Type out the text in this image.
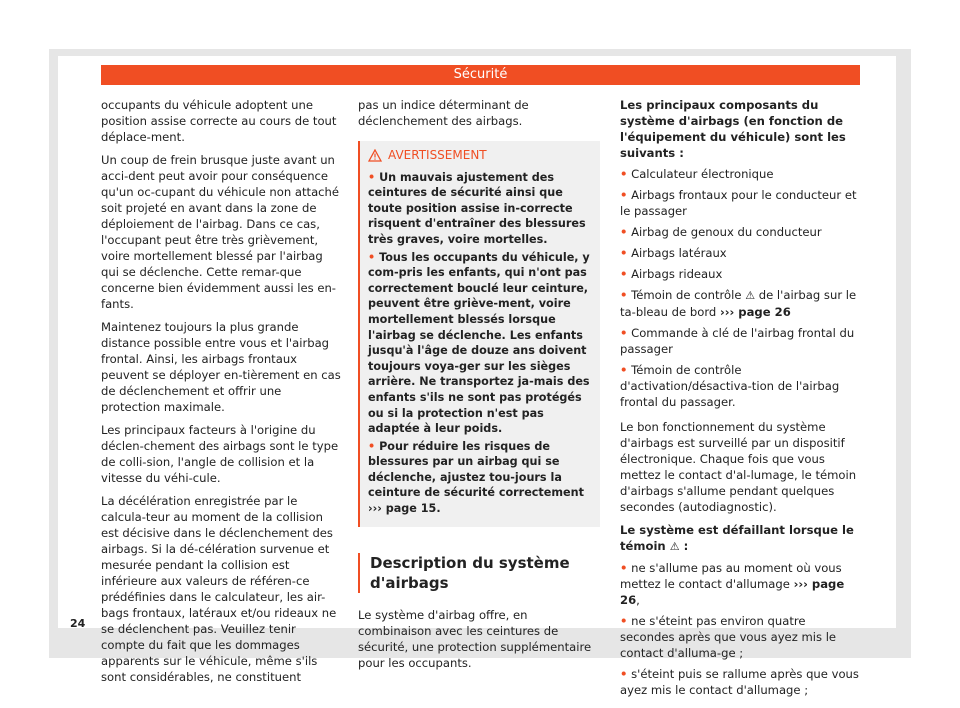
Sécurité

occupants du véhicule adoptent une position assise correcte au cours de tout déplace-ment.

Un coup de frein brusque juste avant un acci-dent peut avoir pour conséquence qu'un oc-cupant du véhicule non attaché soit projeté en avant dans la zone de déploiement de l'airbag. Dans ce cas, l'occupant peut être très grièvement, voire mortellement blessé par l'airbag qui se déclenche. Cette remar-que concerne bien évidemment aussi les en-fants.

Maintenez toujours la plus grande distance possible entre vous et l'airbag frontal. Ainsi, les airbags frontaux peuvent se déployer en-tièrement en cas de déclenchement et offrir une protection maximale.

Les principaux facteurs à l'origine du déclen-chement des airbags sont le type de colli-sion, l'angle de collision et la vitesse du véhi-cule.

La décélération enregistrée par le calcula-teur au moment de la collision est décisive dans le déclenchement des airbags. Si la dé-célération survenue et mesurée pendant la collision est inférieure aux valeurs de référen-ce prédéfinies dans le calculateur, les air-bags frontaux, latéraux et/ou rideaux ne se déclenchent pas. Veuillez tenir compte du fait que les dommages apparents sur le véhicule, même s'ils sont considérables, ne constituent

pas un indice déterminant de déclenchement des airbags.

AVERTISSEMENT
• Un mauvais ajustement des ceintures de sécurité ainsi que toute position assise in-correcte risquent d'entraîner des blessures très graves, voire mortelles.
• Tous les occupants du véhicule, y com-pris les enfants, qui n'ont pas correctement bouclé leur ceinture, peuvent être griève-ment, voire mortellement blessés lorsque l'airbag se déclenche. Les enfants jusqu'à l'âge de douze ans doivent toujours voya-ger sur les sièges arrière. Ne transportez ja-mais des enfants s'ils ne sont pas protégés ou si la protection n'est pas adaptée à leur poids.
• Pour réduire les risques de blessures par un airbag qui se déclenche, ajustez tou-jours la ceinture de sécurité correctement ››› page 15.
Description du système d'airbags

Le système d'airbag offre, en combinaison avec les ceintures de sécurité, une protection supplémentaire pour les occupants.

Les principaux composants du système d'airbags (en fonction de l'équipement du véhicule) sont les suivants :
• Calculateur électronique
• Airbags frontaux pour le conducteur et le passager
• Airbag de genoux du conducteur
• Airbags latéraux
• Airbags rideaux
• Témoin de contrôle ⚠ de l'airbag sur le ta-bleau de bord ››› page 26
• Commande à clé de l'airbag frontal du passager
• Témoin de contrôle d'activation/désactiva-tion de l'airbag frontal du passager.

Le bon fonctionnement du système d'airbags est surveillé par un dispositif électronique. Chaque fois que vous mettez le contact d'al-lumage, le témoin d'airbags s'allume pendant quelques secondes (autodiagnostic).

Le système est défaillant lorsque le témoin ⚠ :
• ne s'allume pas au moment où vous mettez le contact d'allumage ››› page 26,
• ne s'éteint pas environ quatre secondes après que vous ayez mis le contact d'alluma-ge ;
• s'éteint puis se rallume après que vous ayez mis le contact d'allumage ;
24
